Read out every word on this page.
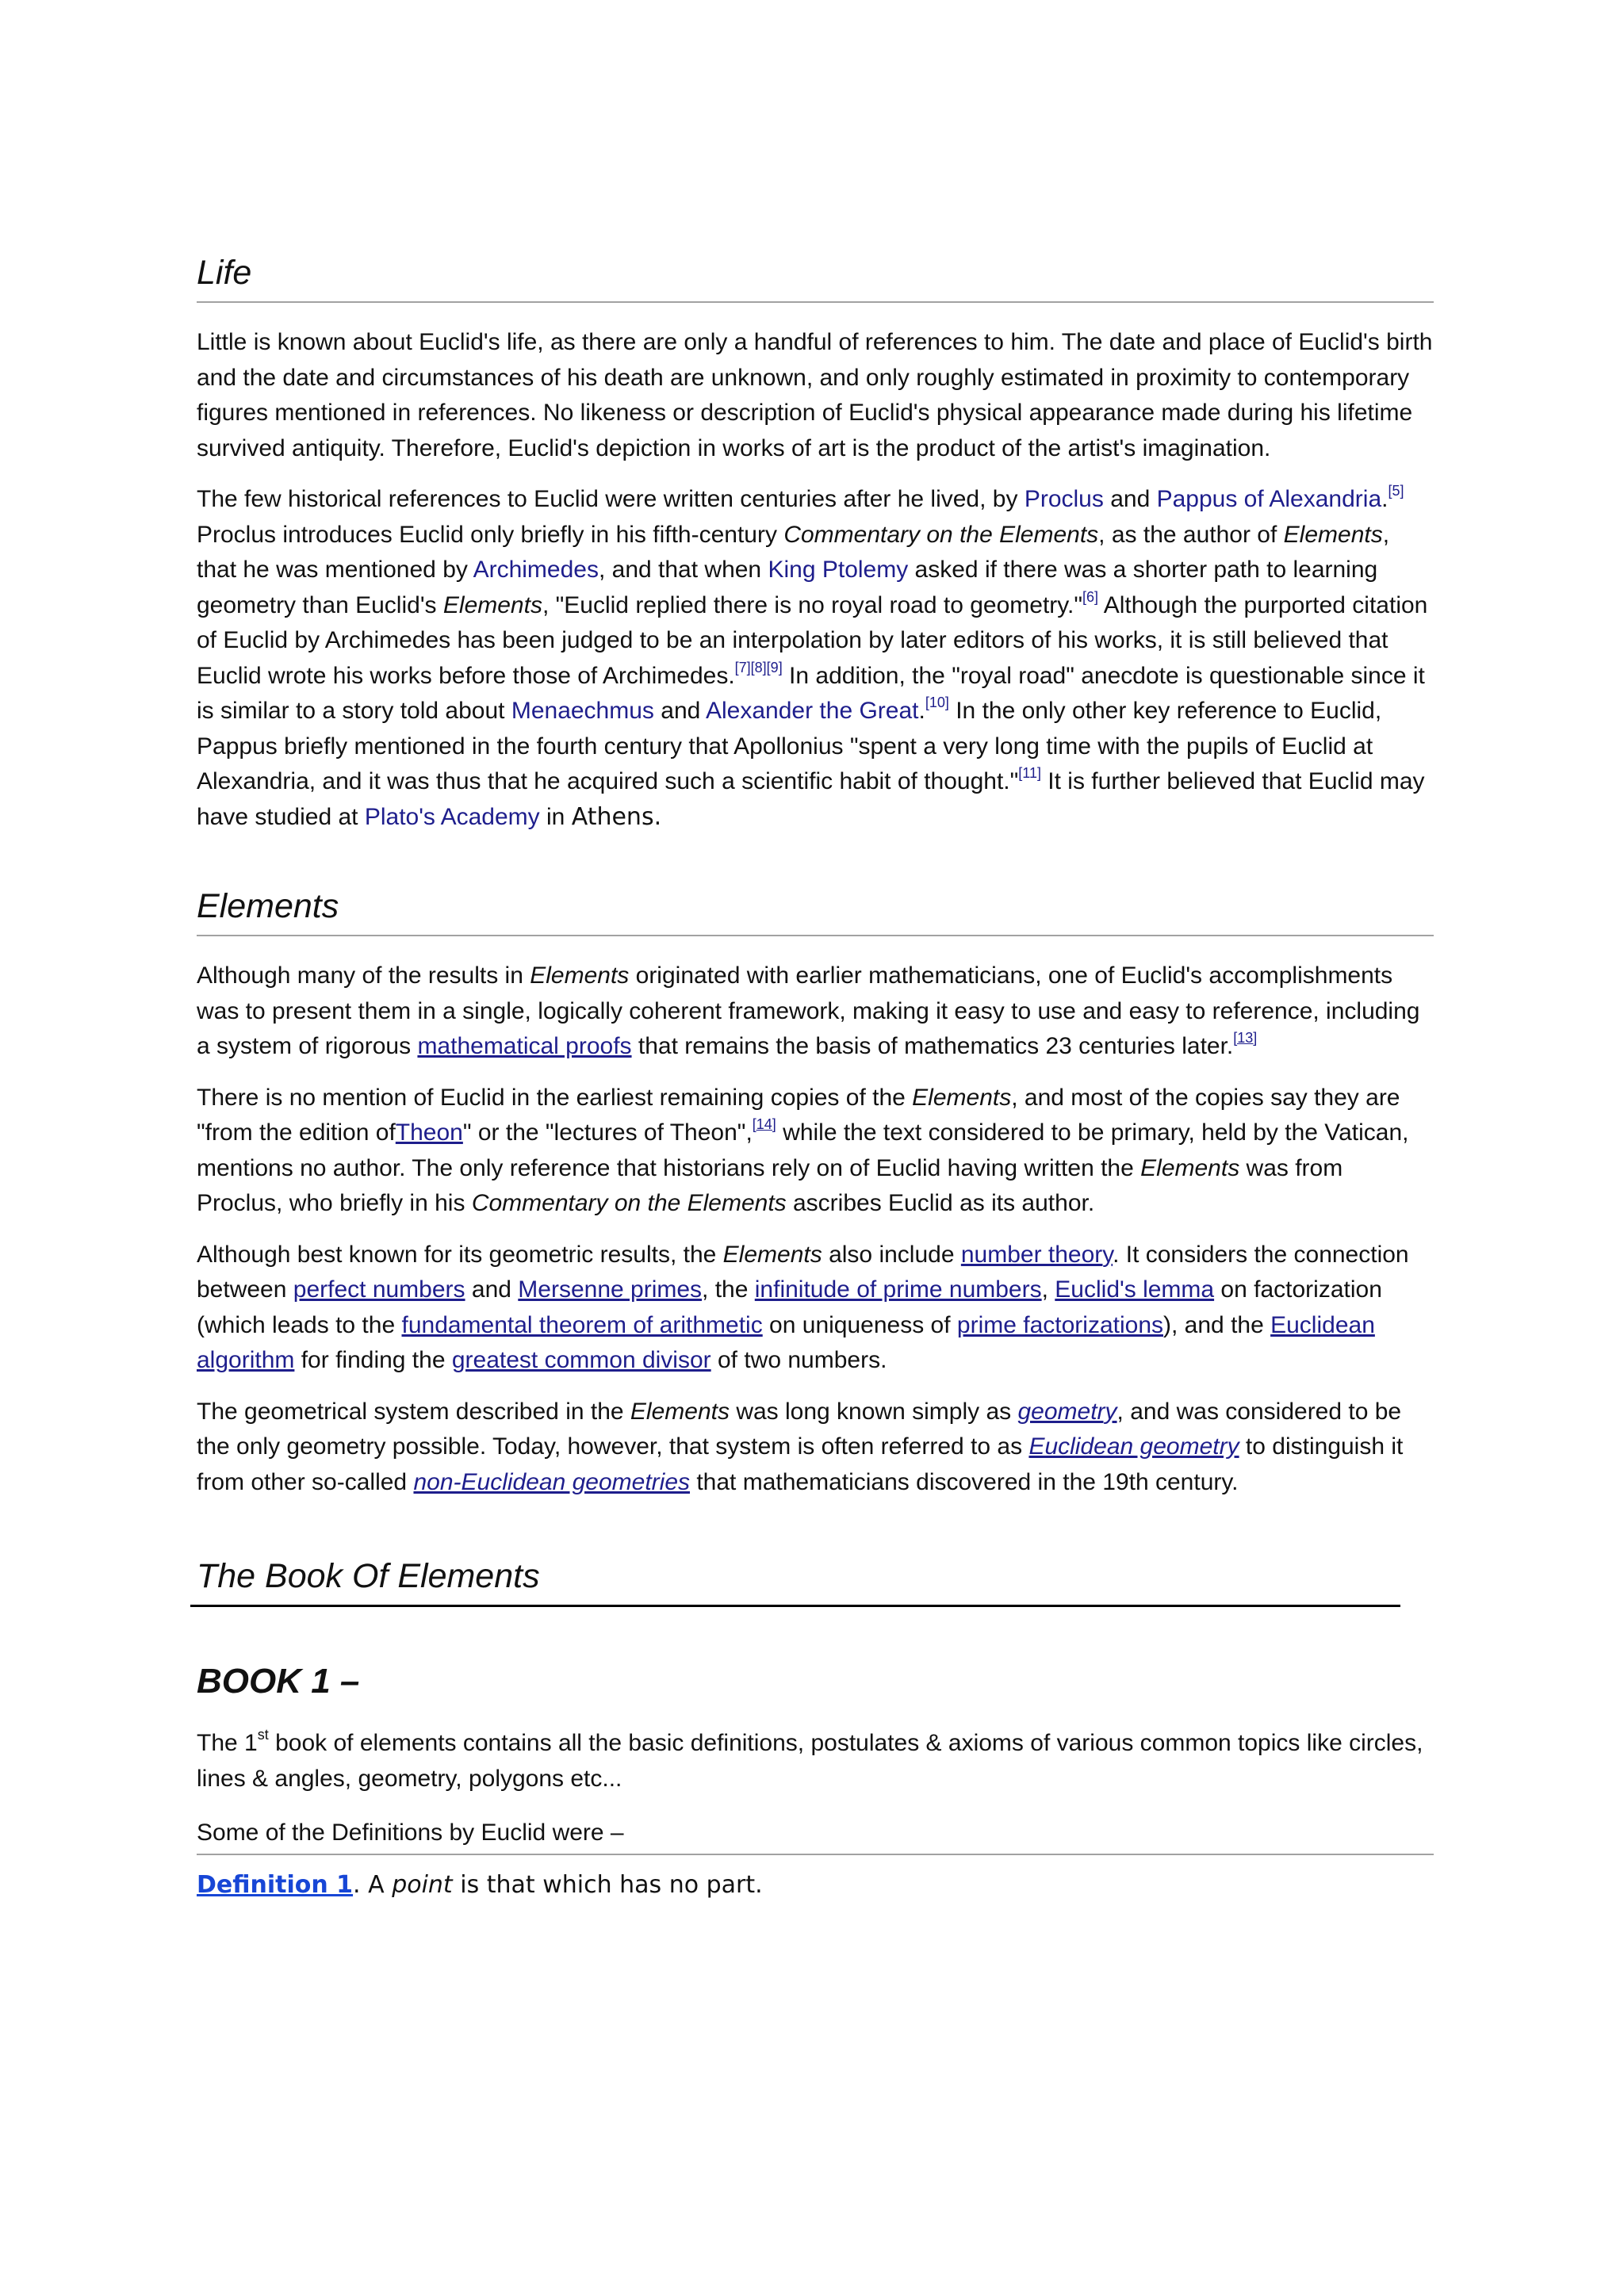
Life

Little is known about Euclid's life, as there are only a handful of references to him. The date and place of Euclid's birth and the date and circumstances of his death are unknown, and only roughly estimated in proximity to contemporary figures mentioned in references. No likeness or description of Euclid's physical appearance made during his lifetime survived antiquity. Therefore, Euclid's depiction in works of art is the product of the artist's imagination.

The few historical references to Euclid were written centuries after he lived, by Proclus and Pappus of Alexandria.[5] Proclus introduces Euclid only briefly in his fifth-century Commentary on the Elements, as the author of Elements, that he was mentioned by Archimedes, and that when King Ptolemy asked if there was a shorter path to learning geometry than Euclid's Elements, "Euclid replied there is no royal road to geometry."[6] Although the purported citation of Euclid by Archimedes has been judged to be an interpolation by later editors of his works, it is still believed that Euclid wrote his works before those of Archimedes.[7][8][9] In addition, the "royal road" anecdote is questionable since it is similar to a story told about Menaechmus and Alexander the Great.[10] In the only other key reference to Euclid, Pappus briefly mentioned in the fourth century that Apollonius "spent a very long time with the pupils of Euclid at Alexandria, and it was thus that he acquired such a scientific habit of thought."[11] It is further believed that Euclid may have studied at Plato's Academy in Athens.

Elements

Although many of the results in Elements originated with earlier mathematicians, one of Euclid's accomplishments was to present them in a single, logically coherent framework, making it easy to use and easy to reference, including a system of rigorous mathematical proofs that remains the basis of mathematics 23 centuries later.[13]

There is no mention of Euclid in the earliest remaining copies of the Elements, and most of the copies say they are "from the edition ofTheon" or the "lectures of Theon",[14] while the text considered to be primary, held by the Vatican, mentions no author. The only reference that historians rely on of Euclid having written the Elements was from Proclus, who briefly in his Commentary on the Elements ascribes Euclid as its author.

Although best known for its geometric results, the Elements also include number theory. It considers the connection between perfect numbers and Mersenne primes, the infinitude of prime numbers, Euclid's lemma on factorization (which leads to the fundamental theorem of arithmetic on uniqueness of prime factorizations), and the Euclidean algorithm for finding the greatest common divisor of two numbers.

The geometrical system described in the Elements was long known simply as geometry, and was considered to be the only geometry possible. Today, however, that system is often referred to as Euclidean geometry to distinguish it from other so-called non-Euclidean geometries that mathematicians discovered in the 19th century.

The Book Of Elements
BOOK 1 –

The 1st book of elements contains all the basic definitions, postulates & axioms of various common topics like circles, lines & angles, geometry, polygons etc...

Some of the Definitions by Euclid were –
Definition 1. A point is that which has no part.
